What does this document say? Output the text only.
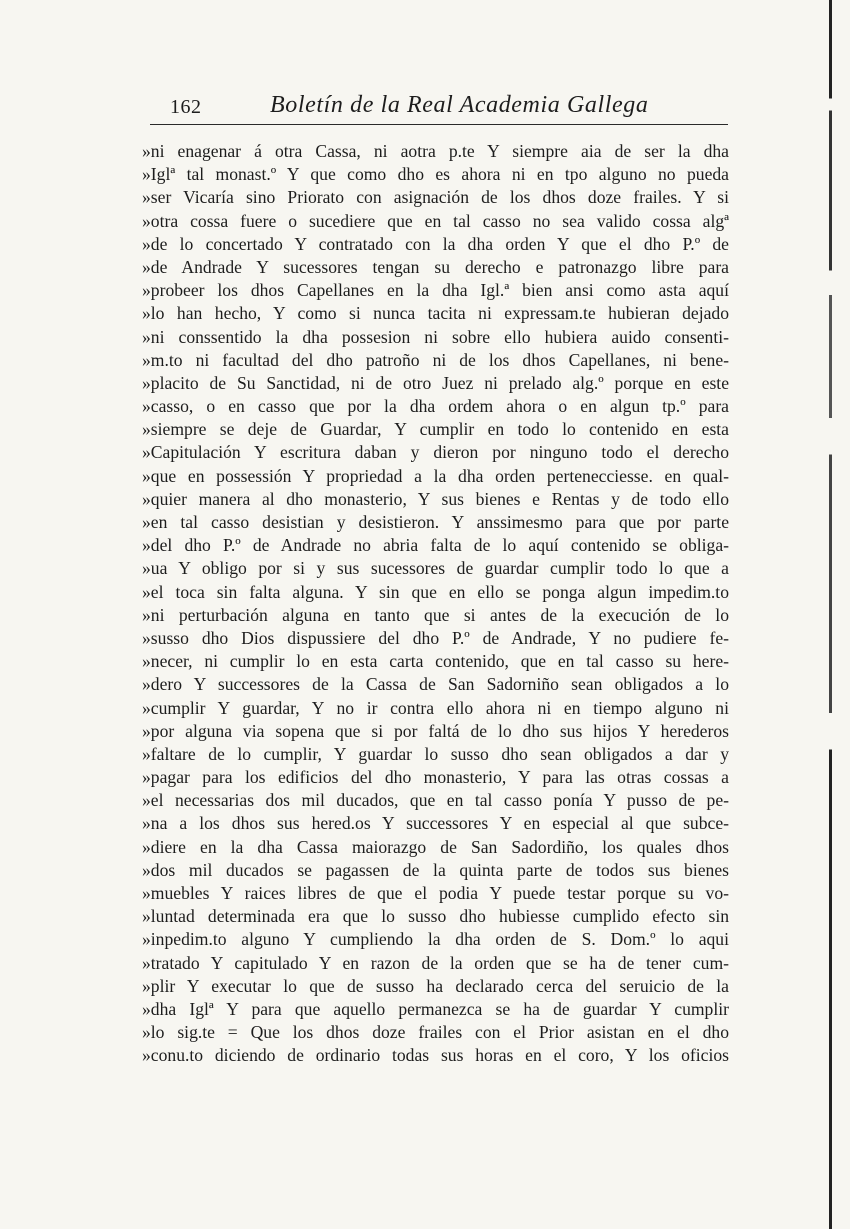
162	Boletín de la Real Academia Gallega
»ni enagenar á otra Cassa, ni aotra p.te Y siempre aia de ser la dha
»Iglª tal monast.º Y que como dho es ahora ni en tpo alguno no pueda
»ser Vicaría sino Priorato con asignación de los dhos doze frailes. Y si
»otra cossa fuere o sucediere que en tal casso no sea valido cossa algª
»de lo concertado Y contratado con la dha orden Y que el dho P.º de
»de Andrade Y sucessores tengan su derecho e patronazgo libre para
»probeer los dhos Capellanes en la dha Igl.ª bien ansi como asta aquí
»lo han hecho, Y como si nunca tacita ni expressam.te hubieran dejado
»ni conssentido la dha possesion ni sobre ello hubiera auido consenti-
»m.to ni facultad del dho patroño ni de los dhos Capellanes, ni bene-
»placito de Su Sanctidad, ni de otro Juez ni prelado alg.º porque en este
»casso, o en casso que por la dha ordem ahora o en algun tp.º para
»siempre se deje de Guardar, Y cumplir en todo lo contenido en esta
»Capitulación Y escritura daban y dieron por ninguno todo el derecho
»que en possessión Y propriedad a la dha orden pertenecciesse. en qual-
»quier manera al dho monasterio, Y sus bienes e Rentas y de todo ello
»en tal casso desistian y desistieron. Y anssimesmo para que por parte
»del dho P.º de Andrade no abria falta de lo aquí contenido se obliga-
»ua Y obligo por si y sus sucessores de guardar cumplir todo lo que a
»el toca sin falta alguna. Y sin que en ello se ponga algun impedim.to
»ni perturbación alguna en tanto que si antes de la execución de lo
»susso dho Dios dispussiere del dho P.º de Andrade, Y no pudiere fe-
»necer, ni cumplir lo en esta carta contenido, que en tal casso su here-
»dero Y successores de la Cassa de San Sadorniño sean obligados a lo
»cumplir Y guardar, Y no ir contra ello ahora ni en tiempo alguno ni
»por alguna via sopena que si por faltá de lo dho sus hijos Y herederos
»faltare de lo cumplir, Y guardar lo susso dho sean obligados a dar y
»pagar para los edificios del dho monasterio, Y para las otras cossas a
»el necessarias dos mil ducados, que en tal casso ponía Y pusso de pe-
»na a los dhos sus hered.os Y successores Y en especial al que subce-
»diere en la dha Cassa maiorazgo de San Sadordiño, los quales dhos
»dos mil ducados se pagassen de la quinta parte de todos sus bienes
»muebles Y raices libres de que el podia Y puede testar porque su vo-
»luntad determinada era que lo susso dho hubiesse cumplido efecto sin
»inpedim.to alguno Y cumpliendo la dha orden de S. Dom.º lo aqui
»tratado Y capitulado Y en razon de la orden que se ha de tener cum-
»plir Y executar lo que de susso ha declarado cerca del seruicio de la
»dha Iglª Y para que aquello permanezca se ha de guardar Y cumplir
»lo sig.te = Que los dhos doze frailes con el Prior asistan en el dho
»conu.to diciendo de ordinario todas sus horas en el coro, Y los oficios
